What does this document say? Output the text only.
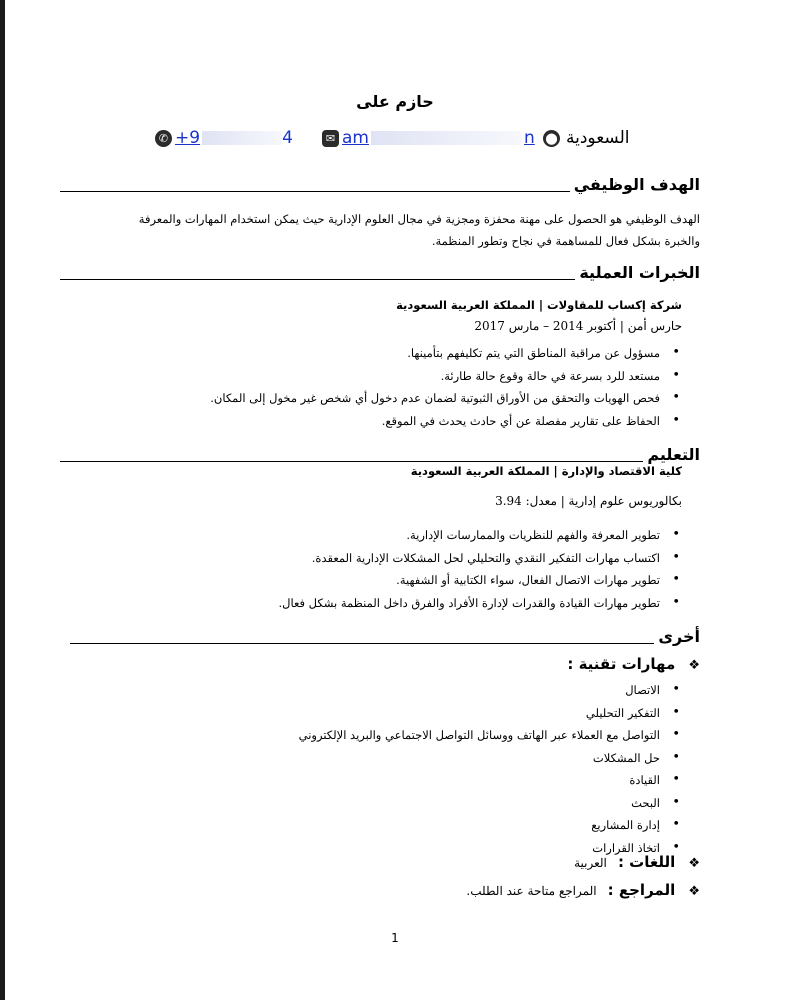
حازم على
✆ +9	4	✉ am	n ⬤ السعودية
الهدف الوظيفي
الهدف الوظيفي هو الحصول على مهنة محفزة ومجزية في مجال العلوم الإدارية حيث يمكن استخدام المهارات والمعرفة والخبرة بشكل فعال للمساهمة في نجاح وتطور المنظمة.
الخبرات العملية
شركة إكساب للمقاولات | المملكة العربية السعودية
حارس أمن | أكتوبر 2014 – مارس 2017
• مسؤول عن مراقبة المناطق التي يتم تكليفهم بتأمينها.
• مستعد للرد بسرعة في حالة وقوع حالة طارئة.
• فحص الهويات والتحقق من الأوراق الثبوتية لضمان عدم دخول أي شخص غير مخول إلى المكان.
• الحفاظ على تقارير مفصلة عن أي حادث يحدث في الموقع.
التعليم
كلية الاقتصاد والإدارة | المملكة العربية السعودية
بكالوريوس علوم إدارية | معدل: 3.94
• تطوير المعرفة والفهم للنظريات والممارسات الإدارية.
• اكتساب مهارات التفكير النقدي والتحليلي لحل المشكلات الإدارية المعقدة.
• تطوير مهارات الاتصال الفعال، سواء الكتابية أو الشفهية.
• تطوير مهارات القيادة والقدرات لإدارة الأفراد والفرق داخل المنظمة بشكل فعال.
أخرى
❖ مهارات تقنية :
• الاتصال
• التفكير التحليلي
• التواصل مع العملاء عبر الهاتف ووسائل التواصل الاجتماعي والبريد الإلكتروني
• حل المشكلات
• القيادة
• البحث
• إدارة المشاريع
• اتخاذ القرارات
❖ اللغات : العربية
❖ المراجع : المراجع متاحة عند الطلب.
1
